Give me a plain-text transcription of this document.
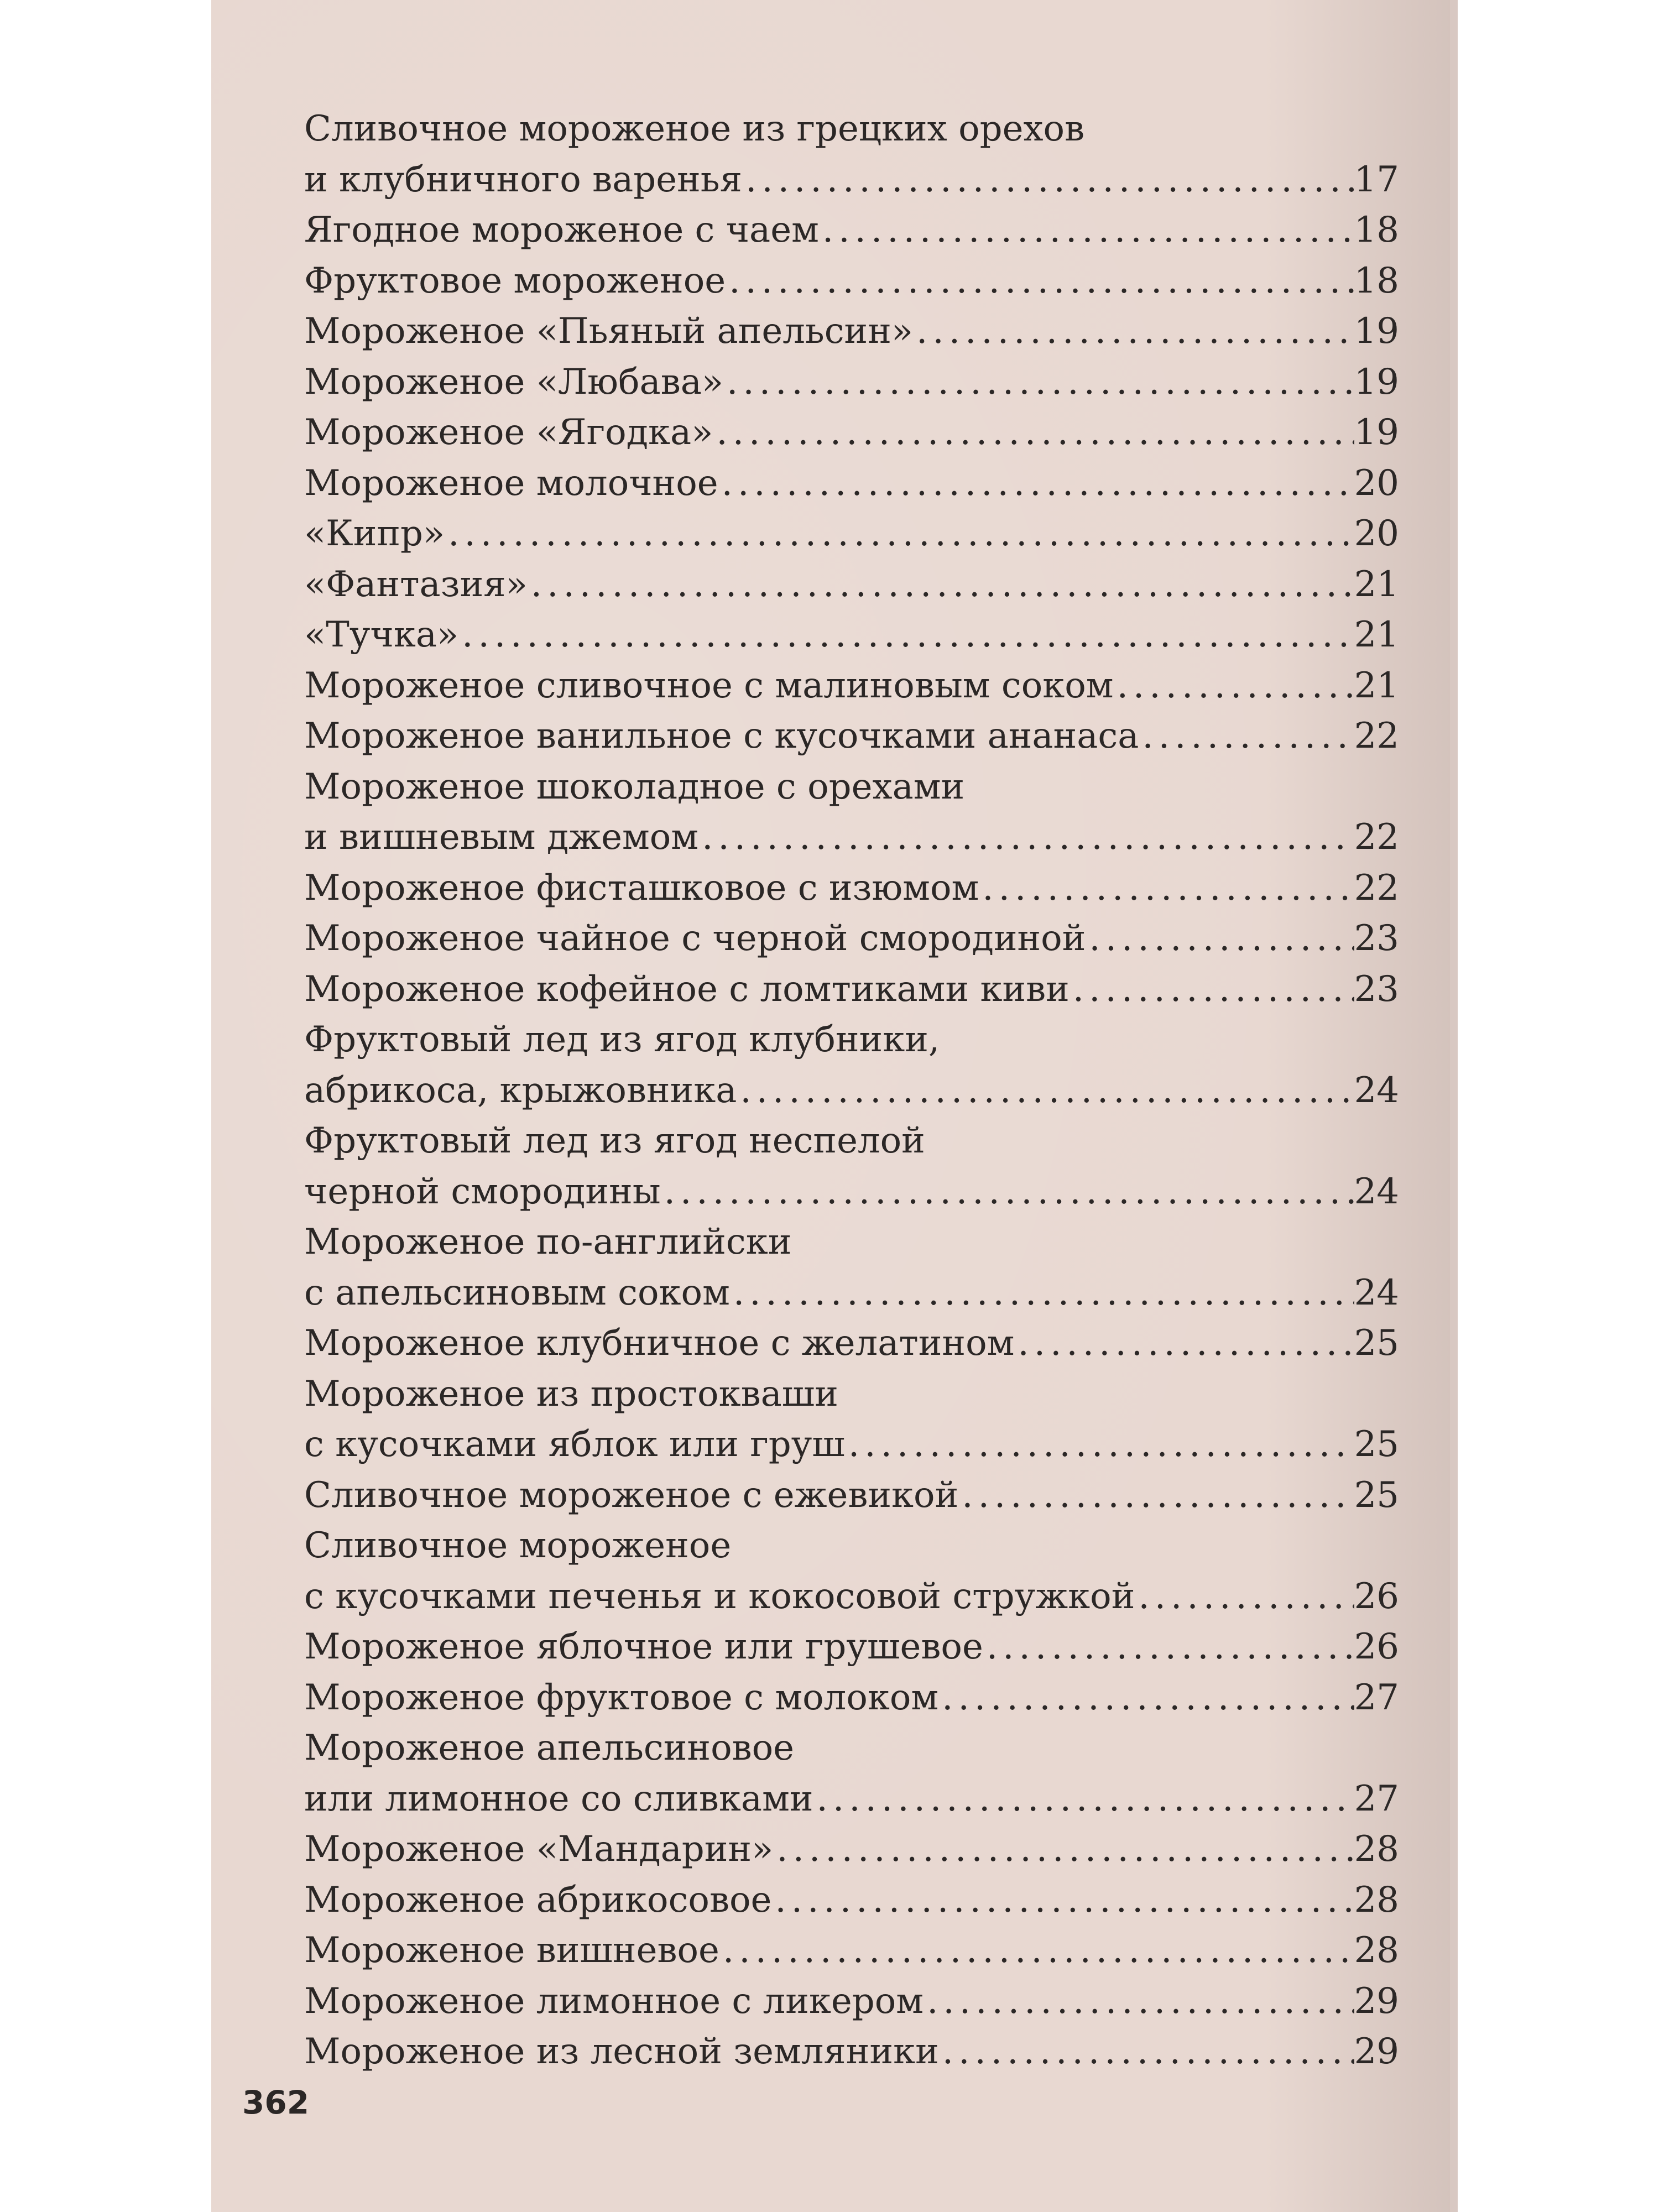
Сливочное мороженое из грецких орехов
и клубничного варенья .....	17
Ягодное мороженое с чаем .....	18
Фруктовое мороженое .....	18
Мороженое «Пьяный апельсин» .....	19
Мороженое «Любава» .....	19
Мороженое «Ягодка» .....	19
Мороженое молочное .....	20
«Кипр» .....	20
«Фантазия» .....	21
«Тучка» .....	21
Мороженое сливочное с малиновым соком .....	21
Мороженое ванильное с кусочками ананаса .....	22
Мороженое шоколадное с орехами
и вишневым джемом .....	22
Мороженое фисташковое с изюмом .....	22
Мороженое чайное с черной смородиной .....	23
Мороженое кофейное с ломтиками киви .....	23
Фруктовый лед из ягод клубники,
абрикоса, крыжовника .....	24
Фруктовый лед из ягод неспелой
черной смородины .....	24
Мороженое по-английски
с апельсиновым соком .....	24
Мороженое клубничное с желатином .....	25
Мороженое из простокваши
с кусочками яблок или груш .....	25
Сливочное мороженое с ежевикой .....	25
Сливочное мороженое
с кусочками печенья и кокосовой стружкой .....	26
Мороженое яблочное или грушевое .....	26
Мороженое фруктовое с молоком .....	27
Мороженое апельсиновое
или лимонное со сливками .....	27
Мороженое «Мандарин» .....	28
Мороженое абрикосовое .....	28
Мороженое вишневое .....	28
Мороженое лимонное с ликером .....	29
Мороженое из лесной земляники .....	29
362
